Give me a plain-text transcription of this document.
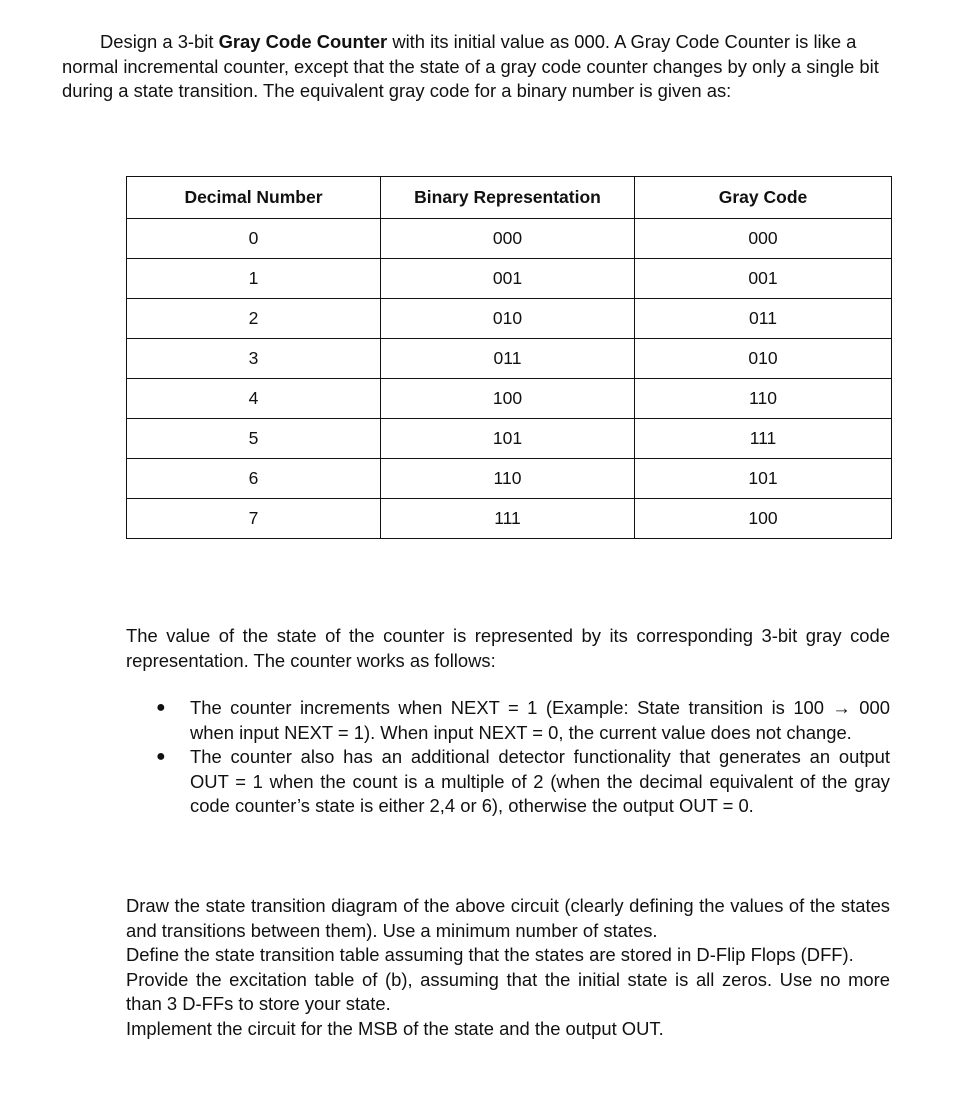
Design a 3-bit Gray Code Counter with its initial value as 000. A Gray Code Counter is like a normal incremental counter, except that the state of a gray code counter changes by only a single bit during a state transition. The equivalent gray code for a binary number is given as:

Decimal Number	Binary Representation	Gray Code
0	000	000
1	001	001
2	010	011
3	011	010
4	100	110
5	101	111
6	110	101
7	111	100

The value of the state of the counter is represented by its corresponding 3-bit gray code representation. The counter works as follows:

● The counter increments when NEXT = 1 (Example: State transition is 100 → 000 when input NEXT = 1). When input NEXT = 0, the current value does not change.
● The counter also has an additional detector functionality that generates an output OUT = 1 when the count is a multiple of 2 (when the decimal equivalent of the gray code counter’s state is either 2,4 or 6), otherwise the output OUT = 0.

Draw the state transition diagram of the above circuit (clearly defining the values of the states and transitions between them). Use a minimum number of states.

Define the state transition table assuming that the states are stored in D-Flip Flops (DFF).

Provide the excitation table of (b), assuming that the initial state is all zeros. Use no more than 3 D-FFs to store your state.

Implement the circuit for the MSB of the state and the output OUT.
